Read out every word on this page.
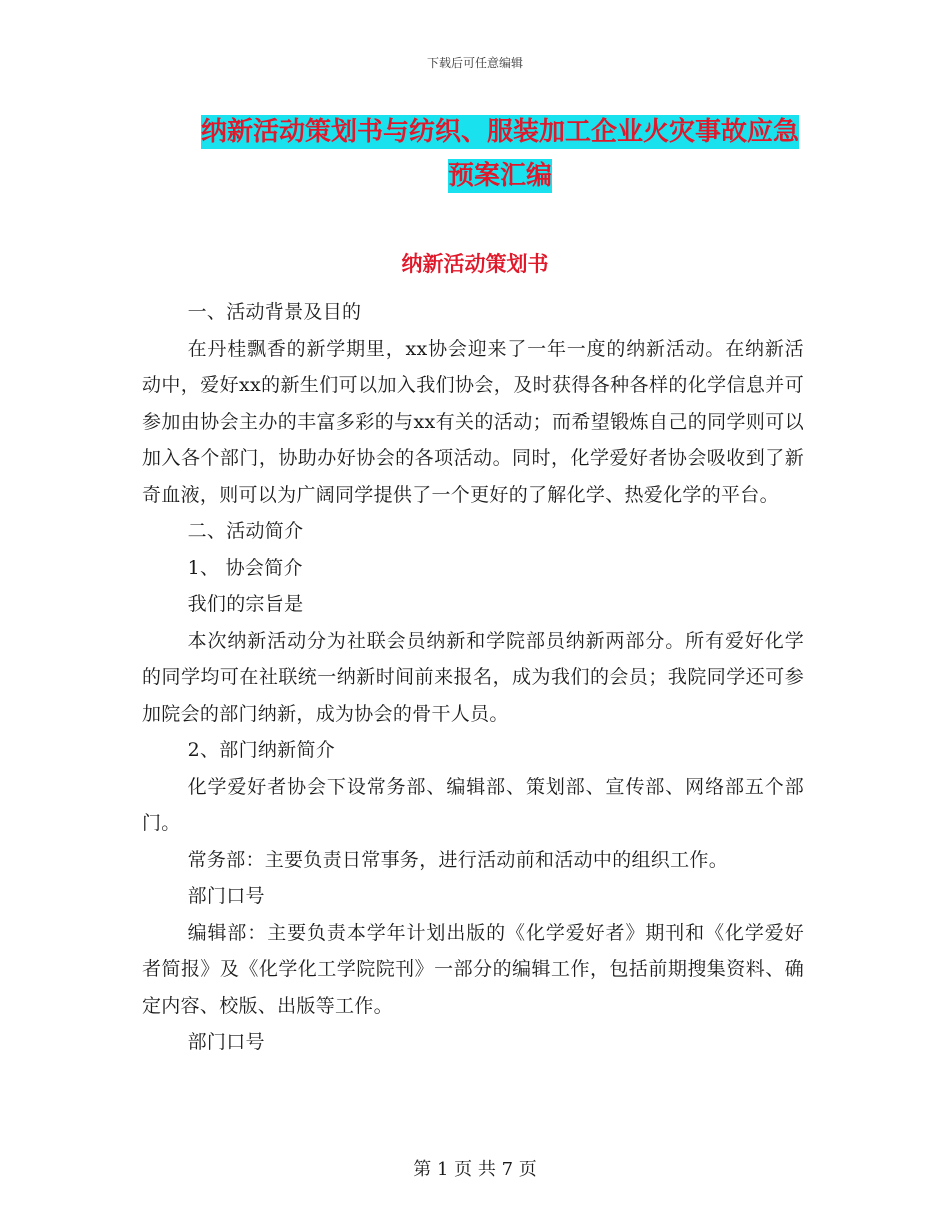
下载后可任意编辑
纳新活动策划书与纺织、服装加工企业火灾事故应急
预案汇编
纳新活动策划书

一、活动背景及目的

在丹桂飘香的新学期里，xx协会迎来了一年一度的纳新活动。在纳新活动中，爱好xx的新生们可以加入我们协会，及时获得各种各样的化学信息并可参加由协会主办的丰富多彩的与xx有关的活动；而希望锻炼自己的同学则可以加入各个部门，协助办好协会的各项活动。同时，化学爱好者协会吸收到了新奇血液，则可以为广阔同学提供了一个更好的了解化学、热爱化学的平台。

二、活动简介

1、 协会简介

我们的宗旨是

本次纳新活动分为社联会员纳新和学院部员纳新两部分。所有爱好化学的同学均可在社联统一纳新时间前来报名，成为我们的会员；我院同学还可参加院会的部门纳新，成为协会的骨干人员。

2、部门纳新简介

化学爱好者协会下设常务部、编辑部、策划部、宣传部、网络部五个部门。

常务部：主要负责日常事务，进行活动前和活动中的组织工作。

部门口号

编辑部：主要负责本学年计划出版的《化学爱好者》期刊和《化学爱好者简报》及《化学化工学院院刊》一部分的编辑工作，包括前期搜集资料、确定内容、校版、出版等工作。

部门口号

第 1 页 共 7 页
